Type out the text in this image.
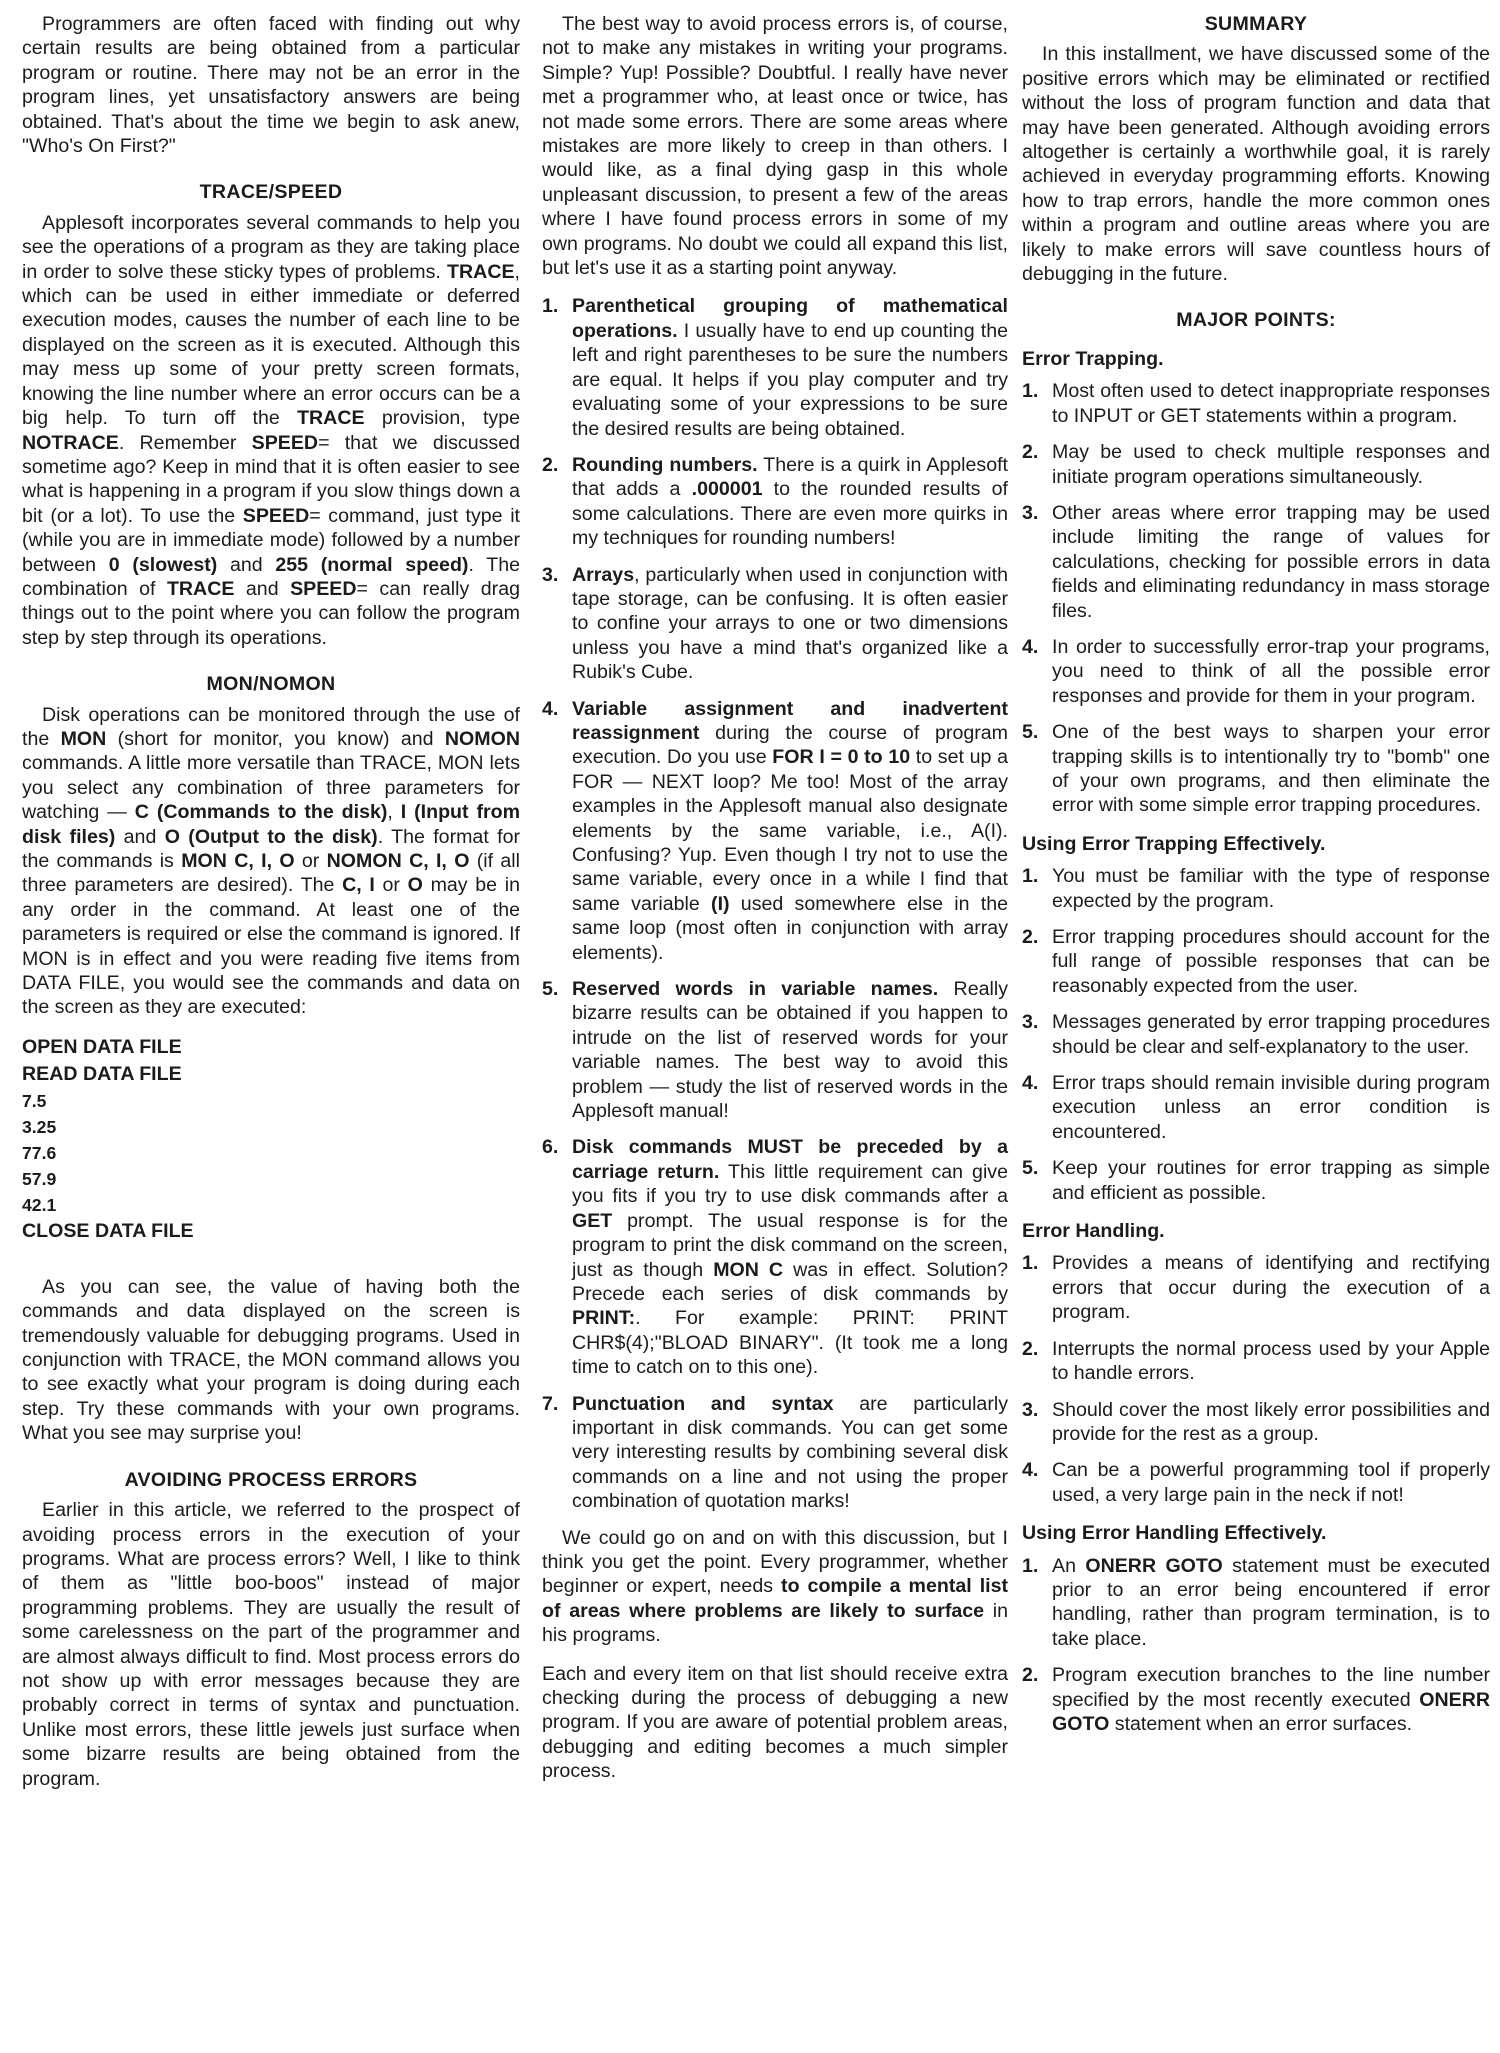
Programmers are often faced with finding out why certain results are being obtained from a particular program or routine. There may not be an error in the program lines, yet unsatisfactory answers are being obtained. That's about the time we begin to ask anew, "Who's On First?"

TRACE/SPEED

Applesoft incorporates several commands to help you see the operations of a program as they are taking place in order to solve these sticky types of problems. TRACE, which can be used in either immediate or deferred execution modes, causes the number of each line to be displayed on the screen as it is executed. Although this may mess up some of your pretty screen formats, knowing the line number where an error occurs can be a big help. To turn off the TRACE provision, type NOTRACE. Remember SPEED= that we discussed sometime ago? Keep in mind that it is often easier to see what is happening in a program if you slow things down a bit (or a lot). To use the SPEED= command, just type it (while you are in immediate mode) followed by a number between 0 (slowest) and 255 (normal speed). The combination of TRACE and SPEED= can really drag things out to the point where you can follow the program step by step through its operations.

MON/NOMON

Disk operations can be monitored through the use of the MON (short for monitor, you know) and NOMON commands. A little more versatile than TRACE, MON lets you select any combination of three parameters for watching — C (Commands to the disk), I (Input from disk files) and O (Output to the disk). The format for the commands is MON C, I, O or NOMON C, I, O (if all three parameters are desired). The C, I or O may be in any order in the command. At least one of the parameters is required or else the command is ignored. If MON is in effect and you were reading five items from DATA FILE, you would see the commands and data on the screen as they are executed:

OPEN DATA FILE
READ DATA FILE
7.5
3.25
77.6
57.9
42.1
CLOSE DATA FILE

As you can see, the value of having both the commands and data displayed on the screen is tremendously valuable for debugging programs. Used in conjunction with TRACE, the MON command allows you to see exactly what your program is doing during each step. Try these commands with your own programs. What you see may surprise you!

AVOIDING PROCESS ERRORS

Earlier in this article, we referred to the prospect of avoiding process errors in the execution of your programs. What are process errors? Well, I like to think of them as "little boo-boos" instead of major programming problems. They are usually the result of some carelessness on the part of the programmer and are almost always difficult to find. Most process errors do not show up with error messages because they are probably correct in terms of syntax and punctuation. Unlike most errors, these little jewels just surface when some bizarre results are being obtained from the program.

The best way to avoid process errors is, of course, not to make any mistakes in writing your programs. Simple? Yup! Possible? Doubtful. I really have never met a programmer who, at least once or twice, has not made some errors. There are some areas where mistakes are more likely to creep in than others. I would like, as a final dying gasp in this whole unpleasant discussion, to present a few of the areas where I have found process errors in some of my own programs. No doubt we could all expand this list, but let's use it as a starting point anyway.

1. Parenthetical grouping of mathematical operations. I usually have to end up counting the left and right parentheses to be sure the numbers are equal. It helps if you play computer and try evaluating some of your expressions to be sure the desired results are being obtained.
2. Rounding numbers. There is a quirk in Applesoft that adds a .000001 to the rounded results of some calculations. There are even more quirks in my techniques for rounding numbers!
3. Arrays, particularly when used in conjunction with tape storage, can be confusing. It is often easier to confine your arrays to one or two dimensions unless you have a mind that's organized like a Rubik's Cube.
4. Variable assignment and inadvertent reassignment during the course of program execution. Do you use FOR I = 0 to 10 to set up a FOR — NEXT loop? Me too! Most of the array examples in the Applesoft manual also designate elements by the same variable, i.e., A(I). Confusing? Yup. Even though I try not to use the same variable, every once in a while I find that same variable (I) used somewhere else in the same loop (most often in conjunction with array elements).
5. Reserved words in variable names. Really bizarre results can be obtained if you happen to intrude on the list of reserved words for your variable names. The best way to avoid this problem — study the list of reserved words in the Applesoft manual!
6. Disk commands MUST be preceded by a carriage return. This little requirement can give you fits if you try to use disk commands after a GET prompt. The usual response is for the program to print the disk command on the screen, just as though MON C was in effect. Solution? Precede each series of disk commands by PRINT:. For example: PRINT: PRINT CHR$(4);"BLOAD BINARY". (It took me a long time to catch on to this one).
7. Punctuation and syntax are particularly important in disk commands. You can get some very interesting results by combining several disk commands on a line and not using the proper combination of quotation marks!

We could go on and on with this discussion, but I think you get the point. Every programmer, whether beginner or expert, needs to compile a mental list of areas where problems are likely to surface in his programs.

Each and every item on that list should receive extra checking during the process of debugging a new program. If you are aware of potential problem areas, debugging and editing becomes a much simpler process.

SUMMARY

In this installment, we have discussed some of the positive errors which may be eliminated or rectified without the loss of program function and data that may have been generated. Although avoiding errors altogether is certainly a worthwhile goal, it is rarely achieved in everyday programming efforts. Knowing how to trap errors, handle the more common ones within a program and outline areas where you are likely to make errors will save countless hours of debugging in the future.

MAJOR POINTS:
Error Trapping.
1. Most often used to detect inappropriate responses to INPUT or GET statements within a program.
2. May be used to check multiple responses and initiate program operations simultaneously.
3. Other areas where error trapping may be used include limiting the range of values for calculations, checking for possible errors in data fields and eliminating redundancy in mass storage files.
4. In order to successfully error-trap your programs, you need to think of all the possible error responses and provide for them in your program.
5. One of the best ways to sharpen your error trapping skills is to intentionally try to "bomb" one of your own programs, and then eliminate the error with some simple error trapping procedures.
Using Error Trapping Effectively.
1. You must be familiar with the type of response expected by the program.
2. Error trapping procedures should account for the full range of possible responses that can be reasonably expected from the user.
3. Messages generated by error trapping procedures should be clear and self-explanatory to the user.
4. Error traps should remain invisible during program execution unless an error condition is encountered.
5. Keep your routines for error trapping as simple and efficient as possible.
Error Handling.
1. Provides a means of identifying and rectifying errors that occur during the execution of a program.
2. Interrupts the normal process used by your Apple to handle errors.
3. Should cover the most likely error possibilities and provide for the rest as a group.
4. Can be a powerful programming tool if properly used, a very large pain in the neck if not!
Using Error Handling Effectively.
1. An ONERR GOTO statement must be executed prior to an error being encountered if error handling, rather than program termination, is to take place.
2. Program execution branches to the line number specified by the most recently executed ONERR GOTO statement when an error surfaces.
